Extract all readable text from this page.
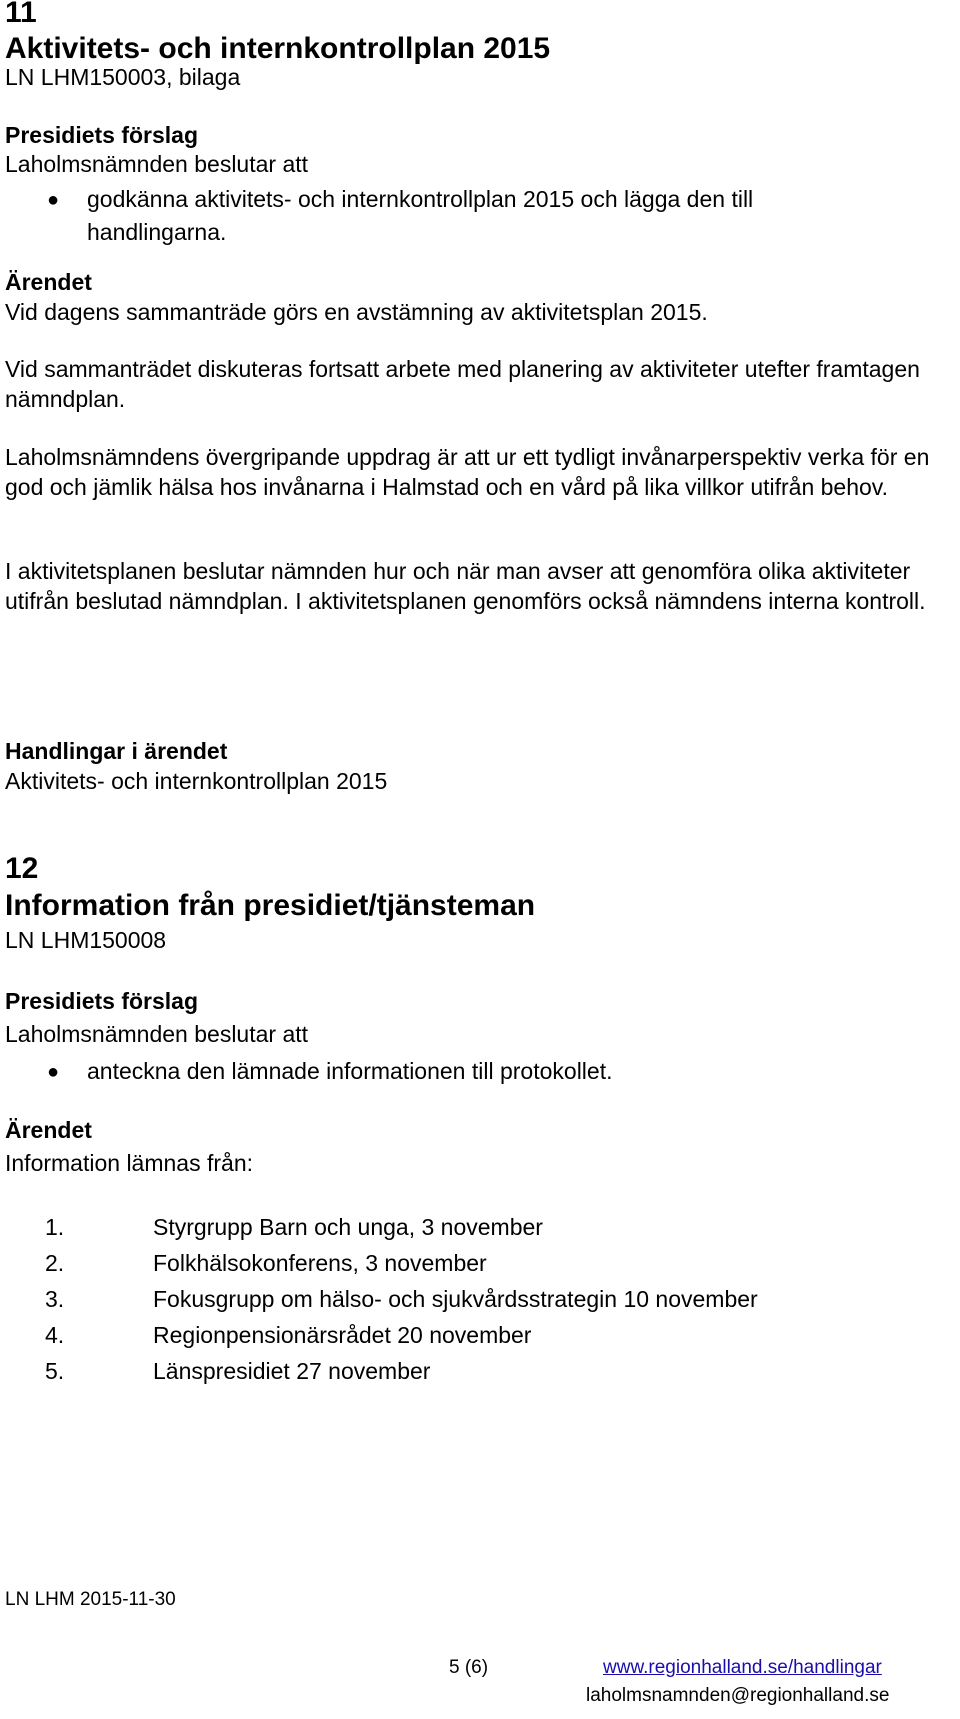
11
Aktivitets- och internkontrollplan 2015
LN LHM150003, bilaga
Presidiets förslag
Laholmsnämnden beslutar att
● godkänna aktivitets- och internkontrollplan 2015 och lägga den till handlingarna.
Ärendet
Vid dagens sammanträde görs en avstämning av aktivitetsplan 2015.
Vid sammanträdet diskuteras fortsatt arbete med planering av aktiviteter utefter framtagen nämndplan.
Laholmsnämndens övergripande uppdrag är att ur ett tydligt invånarperspektiv verka för en god och jämlik hälsa hos invånarna i Halmstad och en vård på lika villkor utifrån behov.
I aktivitetsplanen beslutar nämnden hur och när man avser att genomföra olika aktiviteter utifrån beslutad nämndplan. I aktivitetsplanen genomförs också nämndens interna kontroll.
Handlingar i ärendet
Aktivitets- och internkontrollplan 2015
12
Information från presidiet/tjänsteman
LN LHM150008
Presidiets förslag
Laholmsnämnden beslutar att
● anteckna den lämnade informationen till protokollet.
Ärendet
Information lämnas från:
1.	Styrgrupp Barn och unga, 3 november
2.	Folkhälsokonferens, 3 november
3.	Fokusgrupp om hälso- och sjukvårdsstrategin 10 november
4.	Regionpensionärsrådet 20 november
5.	Länspresidiet 27 november
LN LHM 2015-11-30
5 (6)	www.regionhalland.se/handlingar
laholmsnamnden@regionhalland.se
